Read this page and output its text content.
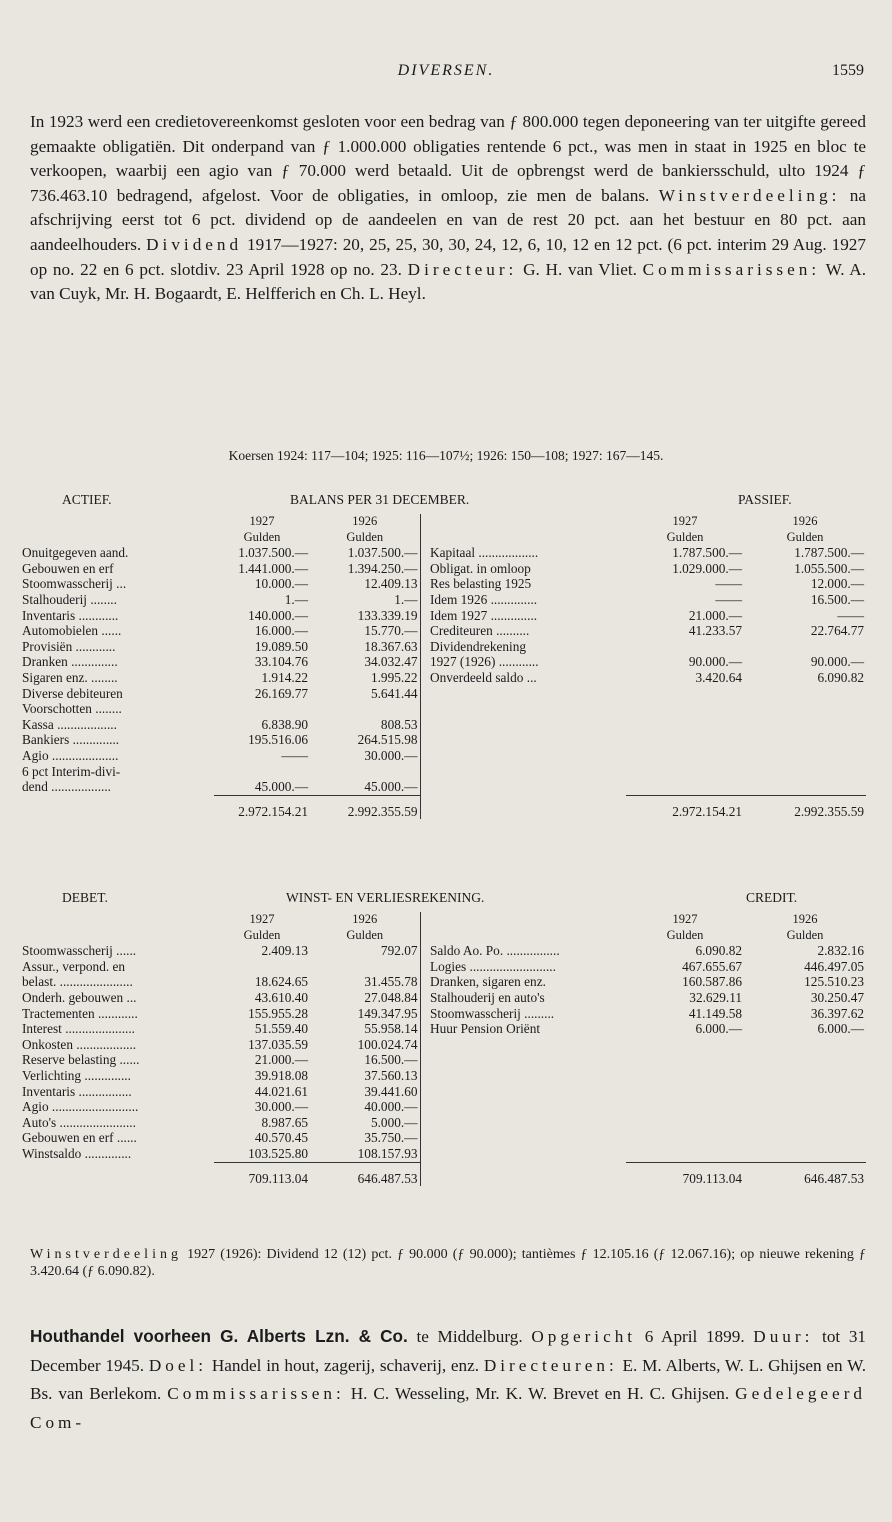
DIVERSEN.	1559

In 1923 werd een credietovereenkomst gesloten voor een bedrag van ƒ 800.000 tegen deponeering van ter uitgifte gereed gemaakte obligatiën. Dit onderpand van ƒ 1.000.000 obligaties rentende 6 pct., was men in staat in 1925 en bloc te verkoopen, waarbij een agio van ƒ 70.000 werd betaald. Uit de opbrengst werd de bankiersschuld, ulto 1924 ƒ 736.463.10 bedragend, afgelost. Voor de obligaties, in omloop, zie men de balans. Winstverdeeling: na afschrijving eerst tot 6 pct. dividend op de aandeelen en van de rest 20 pct. aan het bestuur en 80 pct. aan aandeelhouders. Dividend 1917—1927: 20, 25, 25, 30, 30, 24, 12, 6, 10, 12 en 12 pct. (6 pct. interim 29 Aug. 1927 op no. 22 en 6 pct. slotdiv. 23 April 1928 op no. 23. Directeur: G. H. van Vliet. Commissarissen: W. A. van Cuyk, Mr. H. Bogaardt, E. Helfferich en Ch. L. Heyl.

Koersen 1924: 117—104; 1925: 116—107½; 1926: 150—108; 1927: 167—145.
ACTIEF.	BALANS PER 31 DECEMBER.	PASSIEF.
	1927	1926			1927	1926
	Gulden	Gulden			Gulden	Gulden
Onuitgegeven aand.	1.037.500.—	1.037.500.—		Kapitaal ..................	1.787.500.—	1.787.500.—
Gebouwen en erf	1.441.000.—	1.394.250.—		Obligat. in omloop	1.029.000.—	1.055.500.—
Stoomwasscherij ...	10.000.—	12.409.13		Res belasting 1925	——	12.000.—
Stalhouderij ........	1.—	1.—		Idem 1926 ..............	——	16.500.—
Inventaris ............	140.000.—	133.339.19		Idem 1927 ..............	21.000.—	——
Automobielen ......	16.000.—	15.770.—		Crediteuren ..........	41.233.57	22.764.77
Provisiën ............	19.089.50	18.367.63		Dividendrekening		
Dranken ..............	33.104.76	34.032.47		1927 (1926) ............	90.000.—	90.000.—
Sigaren enz. ........	1.914.22	1.995.22		Onverdeeld saldo ...	3.420.64	6.090.82
Diverse debiteuren	26.169.77	5.641.44				
Voorschotten ........						
Kassa ..................	6.838.90	808.53				
Bankiers ..............	195.516.06	264.515.98				
Agio ....................	——	30.000.—				
6 pct Interim-divi-						
dend ..................	45.000.—	45.000.—				
	2.972.154.21	2.992.355.59			2.972.154.21	2.992.355.59
DEBET.	WINST- EN VERLIESREKENING.	CREDIT.
	1927	1926			1927	1926
	Gulden	Gulden			Gulden	Gulden
Stoomwasscherij ......	2.409.13	792.07		Saldo Ao. Po. ................	6.090.82	2.832.16
Assur., verpond. en				Logies ..........................	467.655.67	446.497.05
belast. ......................	18.624.65	31.455.78		Dranken, sigaren enz.	160.587.86	125.510.23
Onderh. gebouwen ...	43.610.40	27.048.84		Stalhouderij en auto's	32.629.11	30.250.47
Tractementen ............	155.955.28	149.347.95		Stoomwasscherij .........	41.149.58	36.397.62
Interest .....................	51.559.40	55.958.14		Huur Pension Oriënt	6.000.—	6.000.—
Onkosten ..................	137.035.59	100.024.74				
Reserve belasting ......	21.000.—	16.500.—				
Verlichting ..............	39.918.08	37.560.13				
Inventaris ................	44.021.61	39.441.60				
Agio ..........................	30.000.—	40.000.—				
Auto's .......................	8.987.65	5.000.—				
Gebouwen en erf ......	40.570.45	35.750.—				
Winstsaldo ..............	103.525.80	108.157.93				
	709.113.04	646.487.53			709.113.04	646.487.53

Winstverdeeling 1927 (1926): Dividend 12 (12) pct. ƒ 90.000 (ƒ 90.000); tantièmes ƒ 12.105.16 (ƒ 12.067.16); op nieuwe rekening ƒ 3.420.64 (ƒ 6.090.82).

Houthandel voorheen G. Alberts Lzn. & Co. te Middelburg. Opgericht 6 April 1899. Duur: tot 31 December 1945. Doel: Handel in hout, zagerij, schaverij, enz. Directeuren: E. M. Alberts, W. L. Ghijsen en W. Bs. van Berlekom. Commissarissen: H. C. Wesseling, Mr. K. W. Brevet en H. C. Ghijsen. Gedelegeerd Com-
